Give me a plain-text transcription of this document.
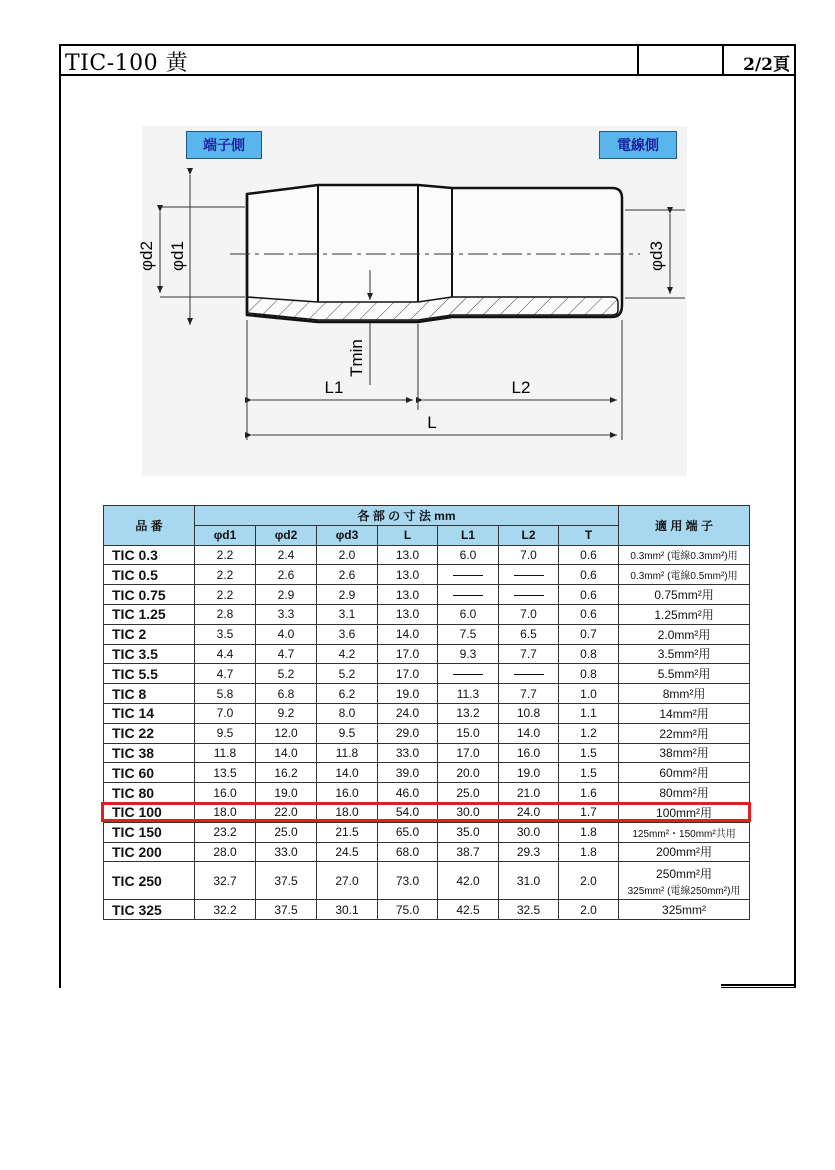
TIC-100 黄	2/2頁
端子側	電線側
φd2 φd1	φd3
Tmin
L1	L2
L
品 番	各 部 の 寸 法 mm							適 用 端 子
	φd1	φd2	φd3	L	L1	L2	T	
TIC 0.3	2.2	2.4	2.0	13.0	6.0	7.0	0.6	0.3mm² (電線0.3mm²)用
TIC 0.5	2.2	2.6	2.6	13.0			0.6	0.3mm² (電線0.5mm²)用
TIC 0.75	2.2	2.9	2.9	13.0			0.6	0.75mm²用
TIC 1.25	2.8	3.3	3.1	13.0	6.0	7.0	0.6	1.25mm²用
TIC 2	3.5	4.0	3.6	14.0	7.5	6.5	0.7	2.0mm²用
TIC 3.5	4.4	4.7	4.2	17.0	9.3	7.7	0.8	3.5mm²用
TIC 5.5	4.7	5.2	5.2	17.0			0.8	5.5mm²用
TIC 8	5.8	6.8	6.2	19.0	11.3	7.7	1.0	8mm²用
TIC 14	7.0	9.2	8.0	24.0	13.2	10.8	1.1	14mm²用
TIC 22	9.5	12.0	9.5	29.0	15.0	14.0	1.2	22mm²用
TIC 38	11.8	14.0	11.8	33.0	17.0	16.0	1.5	38mm²用
TIC 60	13.5	16.2	14.0	39.0	20.0	19.0	1.5	60mm²用
TIC 80	16.0	19.0	16.0	46.0	25.0	21.0	1.6	80mm²用
TIC 100	18.0	22.0	18.0	54.0	30.0	24.0	1.7	100mm²用
TIC 150	23.2	25.0	21.5	65.0	35.0	30.0	1.8	125mm²・150mm²共用
TIC 200	28.0	33.0	24.5	68.0	38.7	29.3	1.8	200mm²用
TIC 250	32.7	37.5	27.0	73.0	42.0	31.0	2.0	250mm²用
325mm² (電線250mm²)用

TIC 325	32.2	37.5	30.1	75.0	42.5	32.5	2.0	325mm²
